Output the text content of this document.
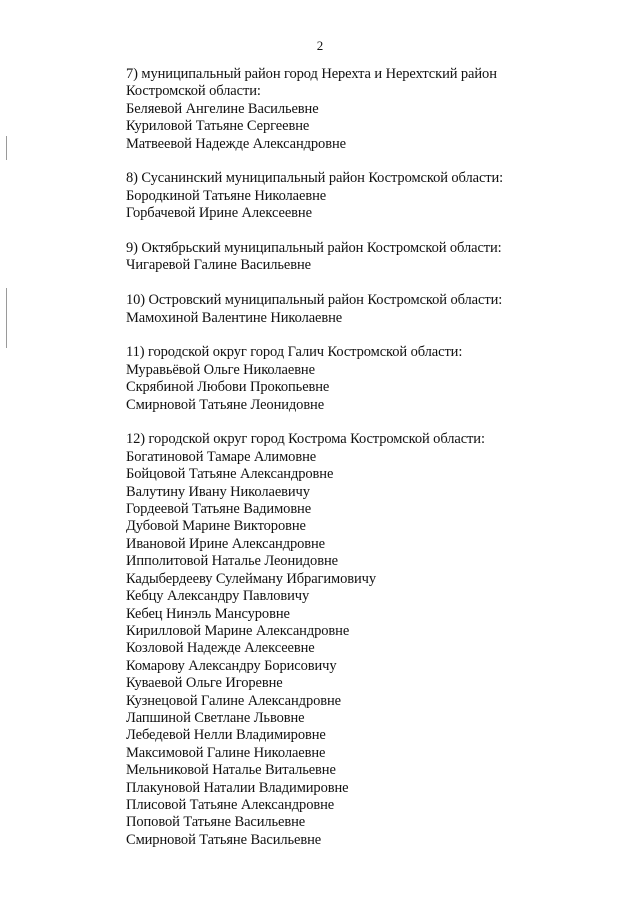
2
7) муниципальный район город Нерехта и Нерехтский район
Костромской области:
Беляевой Ангелине Васильевне
Куриловой Татьяне Сергеевне
Матвеевой Надежде Александровне
8) Сусанинский муниципальный район Костромской области:
Бородкиной Татьяне Николаевне
Горбачевой Ирине Алексеевне
9) Октябрьский муниципальный район Костромской области:
Чигаревой Галине Васильевне
10) Островский муниципальный район Костромской области:
Мамохиной Валентине Николаевне
11) городской округ город Галич Костромской области:
Муравьёвой Ольге Николаевне
Скрябиной Любови Прокопьевне
Смирновой Татьяне Леонидовне
12) городской округ город Кострома Костромской области:
Богатиновой Тамаре Алимовне
Бойцовой Татьяне Александровне
Валутину Ивану Николаевичу
Гордеевой Татьяне Вадимовне
Дубовой Марине Викторовне
Ивановой Ирине Александровне
Ипполитовой Наталье Леонидовне
Кадыбердееву Сулейману Ибрагимовичу
Кебцу Александру Павловичу
Кебец Нинэль Мансуровне
Кирилловой Марине Александровне
Козловой Надежде Алексеевне
Комарову Александру Борисовичу
Куваевой Ольге Игоревне
Кузнецовой Галине Александровне
Лапшиной Светлане Львовне
Лебедевой Нелли Владимировне
Максимовой Галине Николаевне
Мельниковой Наталье Витальевне
Плакуновой Наталии Владимировне
Плисовой Татьяне Александровне
Поповой Татьяне Васильевне
Смирновой Татьяне Васильевне
